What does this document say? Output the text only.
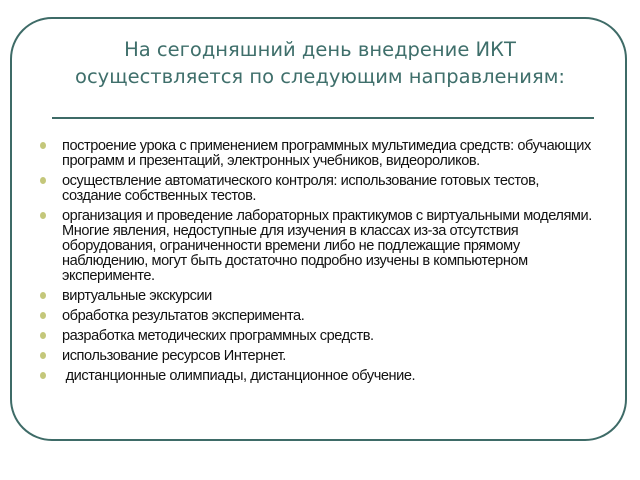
На сегодняшний день внедрение ИКТ
осуществляется по следующим направлениям:
построение урока с применением программных мультимедиа средств: обучающих программ и презентаций, электронных учебников, видеороликов.
осуществление автоматического контроля: использование готовых тестов, создание собственных тестов.
организация и проведение лабораторных практикумов с виртуальными моделями. Многие явления, недоступные для изучения в классах из-за отсутствия оборудования, ограниченности времени либо не подлежащие прямому наблюдению, могут быть достаточно подробно изучены в компьютерном эксперименте.
виртуальные экскурсии
обработка результатов эксперимента.
разработка методических программных средств.
использование ресурсов Интернет.
дистанционные олимпиады, дистанционное обучение.
